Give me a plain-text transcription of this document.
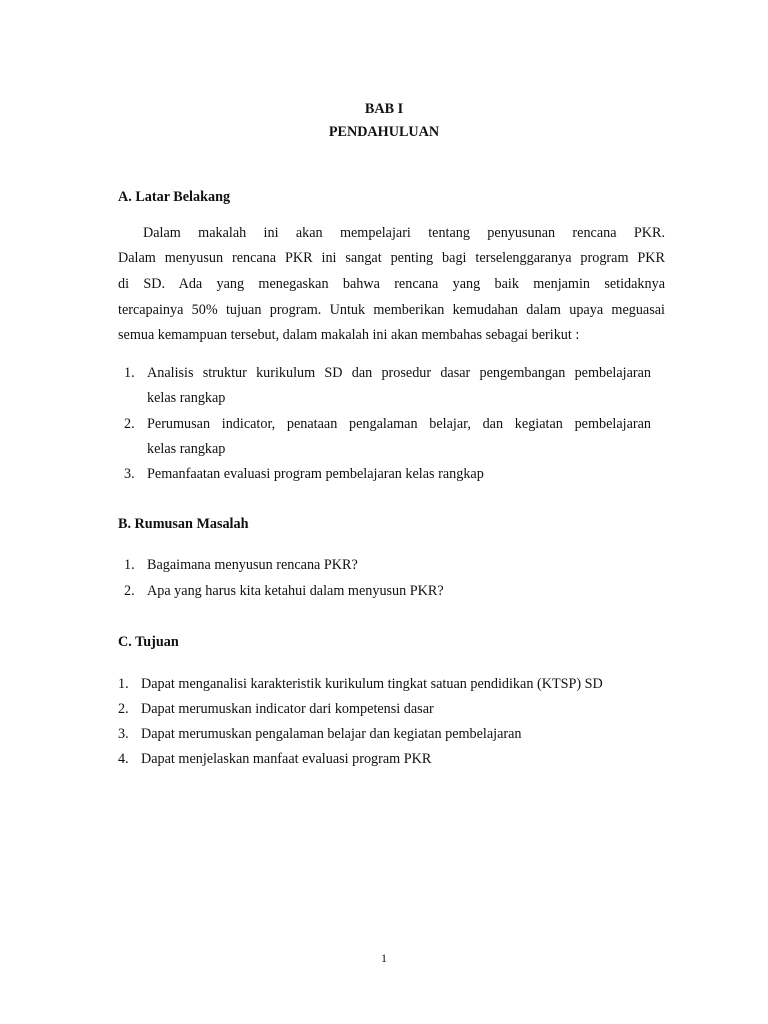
BAB I
PENDAHULUAN
A. Latar Belakang
Dalam makalah ini akan mempelajari tentang penyusunan rencana PKR.
Dalam menyusun rencana PKR ini sangat penting bagi terselenggaranya program PKR
di SD. Ada yang menegaskan bahwa rencana yang baik menjamin setidaknya
tercapainya 50% tujuan program. Untuk memberikan kemudahan dalam upaya meguasai
semua kemampuan tersebut, dalam makalah ini akan membahas sebagai berikut :
1. Analisis struktur kurikulum SD dan prosedur dasar pengembangan pembelajaran
kelas rangkap
2. Perumusan indicator, penataan pengalaman belajar, dan kegiatan pembelajaran
kelas rangkap
3. Pemanfaatan evaluasi program pembelajaran kelas rangkap
B. Rumusan Masalah
1. Bagaimana menyusun rencana PKR?
2. Apa yang harus kita ketahui dalam menyusun PKR?
C. Tujuan
1. Dapat menganalisi karakteristik kurikulum tingkat satuan pendidikan (KTSP) SD
2. Dapat merumuskan indicator dari kompetensi dasar
3. Dapat merumuskan pengalaman belajar dan kegiatan pembelajaran
4. Dapat menjelaskan manfaat evaluasi program PKR
1
